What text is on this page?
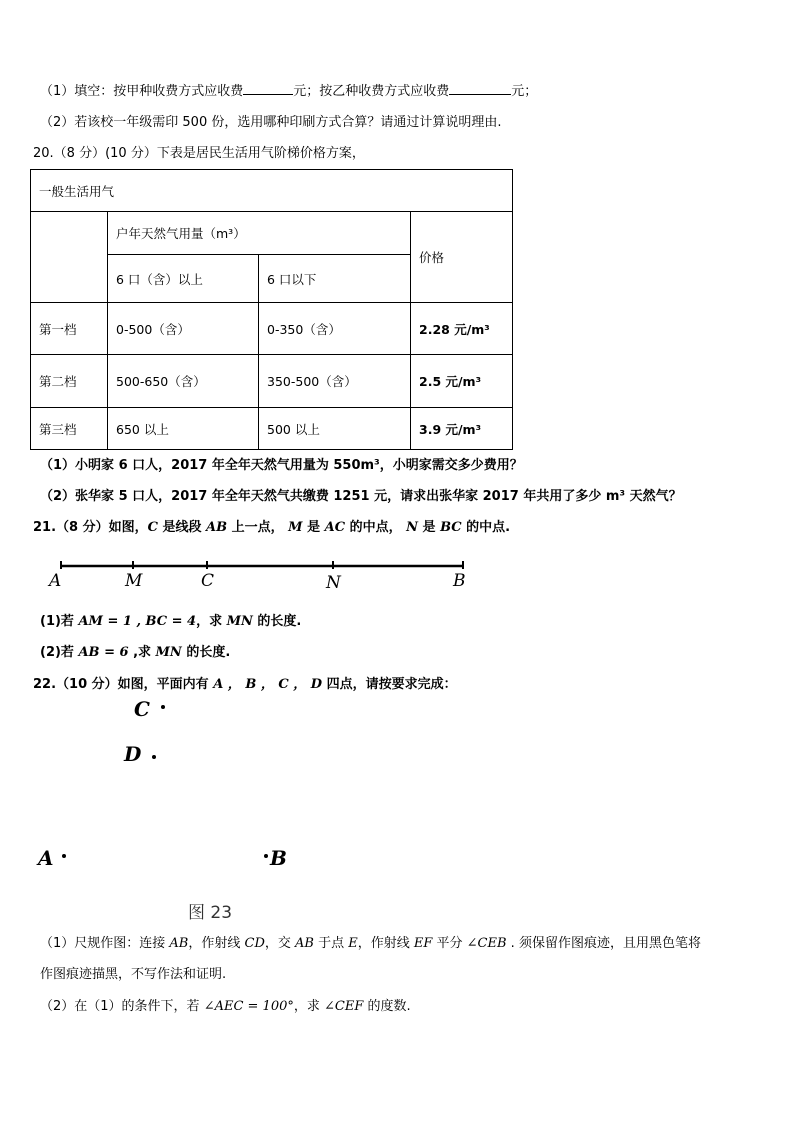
（1）填空：按甲种收费方式应收费	元；按乙种收费方式应收费	元；
（2）若该校一年级需印 500 份，选用哪种印刷方式合算？请通过计算说明理由.
20.（8 分）(10 分）下表是居民生活用气阶梯价格方案，
一般生活用气			
	户年天然气用量（m³）		价格
	6 口（含）以上	6 口以下	
第一档	0-500（含）	0-350（含）	2.28 元/m³
第二档	500-650（含）	350-500（含）	2.5 元/m³
第三档	650 以上	500 以上	3.9 元/m³
（1）小明家 6 口人，2017 年全年天然气用量为 550m³，小明家需交多少费用？
（2）张华家 5 口人，2017 年全年天然气共缴费 1251 元，请求出张华家 2017 年共用了多少 m³ 天然气？
21.（8 分）如图，C 是线段 AB 上一点， M 是 AC 的中点， N 是 BC 的中点.
A	M	C	N	B
(1)若 AM = 1 , BC = 4，求 MN 的长度.
(2)若 AB = 6 ,求 MN 的长度.
22.（10 分）如图，平面内有 A ， B ， C ， D 四点，请按要求完成：
C
D
A	B
图 23
（1）尺规作图：连接 AB，作射线 CD，交 AB 于点 E，作射线 EF 平分 ∠CEB . 须保留作图痕迹，且用黑色笔将
作图痕迹描黑，不写作法和证明.
（2）在（1）的条件下，若 ∠AEC = 100°，求 ∠CEF 的度数.
